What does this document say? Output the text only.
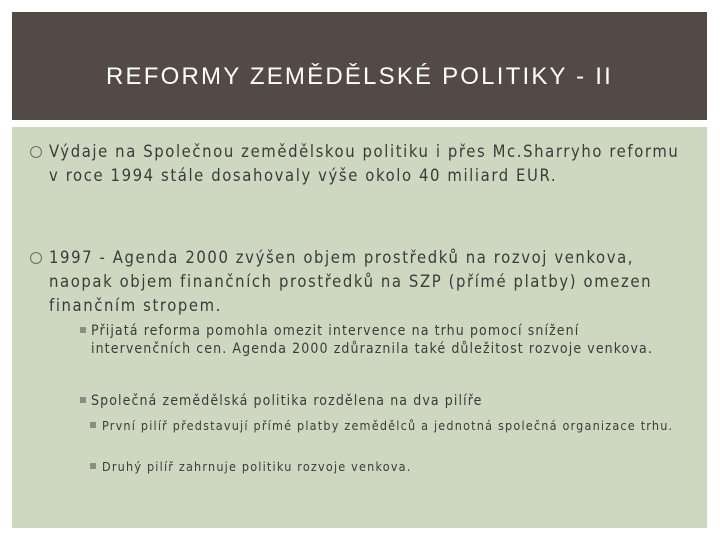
REFORMY ZEMĚDĚLSKÉ POLITIKY - II
Výdaje na Společnou zemědělskou politiku i přes Mc.Sharryho reformu v roce 1994 stále dosahovaly výše okolo 40 miliard EUR.
1997 - Agenda 2000 zvýšen objem prostředků na rozvoj venkova, naopak objem finančních prostředků na SZP (přímé platby) omezen finančním stropem.
Přijatá reforma pomohla omezit intervence na trhu pomocí snížení intervenčních cen. Agenda 2000 zdůraznila také důležitost rozvoje venkova.
Společná zemědělská politika rozdělena na dva pilíře
První pilíř představují přímé platby zemědělců a jednotná společná organizace trhu.
Druhý pilíř zahrnuje politiku rozvoje venkova.
